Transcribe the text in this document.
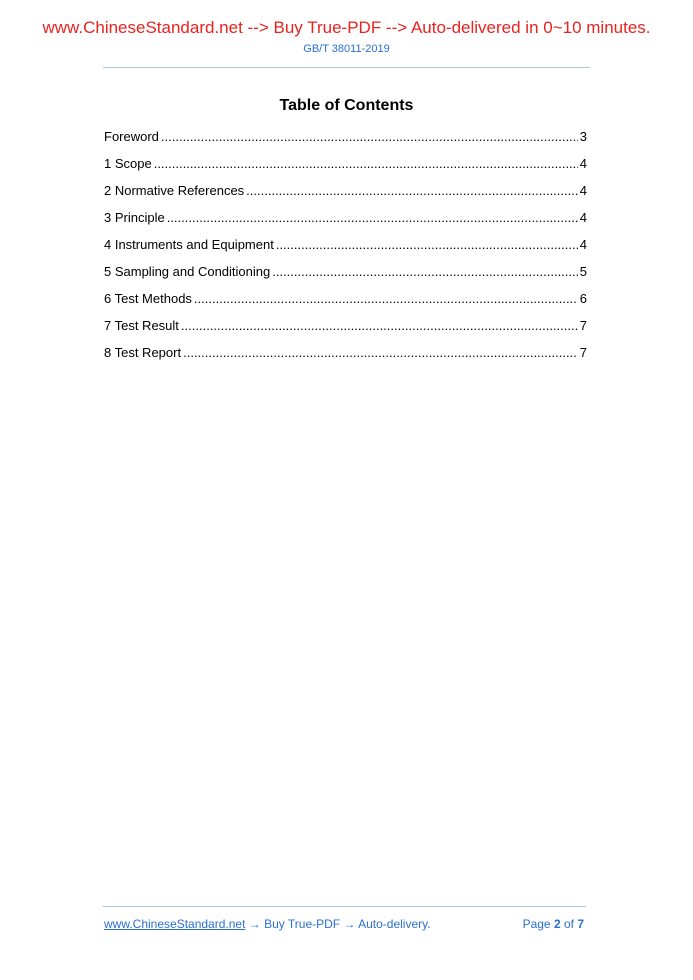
www.ChineseStandard.net --> Buy True-PDF --> Auto-delivered in 0~10 minutes.
GB/T 38011-2019
Table of Contents
Foreword .....	3
1 Scope .....	4
2 Normative References .....	4
3 Principle .....	4
4 Instruments and Equipment .....	4
5 Sampling and Conditioning .....	5
6 Test Methods .....	6
7 Test Result .....	7
8 Test Report .....	7
www.ChineseStandard.net → Buy True-PDF → Auto-delivery.	Page 2 of 7
